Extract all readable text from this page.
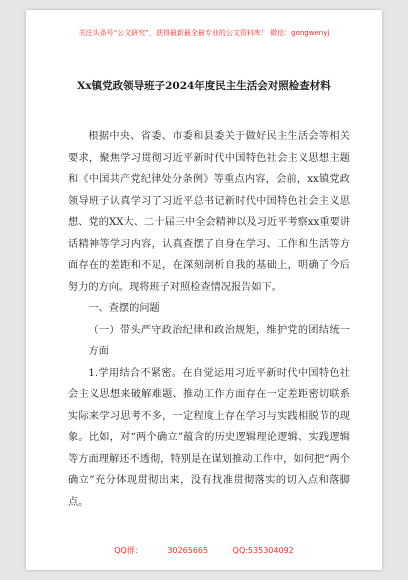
关注头条号“公文研究”，获得最新最全最专业的公文资料库！ 微信：gongwenyj
Xx镇党政领导班子2024年度民主生活会对照检查材料

根据中央、省委、市委和县委关于做好民主生活会等相关要求，聚焦学习贯彻习近平新时代中国特色社会主义思想主题和《中国共产党纪律处分条例》等重点内容，会前，xx镇党政领导班子认真学习了习近平总书记新时代中国特色社会主义思想、党的XX大、二十届三中全会精神以及习近平考察xx重要讲话精神等学习内容，认真查摆了自身在学习、工作和生活等方面存在的差距和不足，在深刻剖析自我的基础上，明确了今后努力的方向。现将班子对照检查情况报告如下。

一、查摆的问题

（一）带头严守政治纪律和政治规矩，维护党的团结统一方面

1.学用结合不紧密。在自觉运用习近平新时代中国特色社会主义思想来破解难题、推动工作方面存在一定差距密切联系实际来学习思考不多，一定程度上存在学习与实践相脱节的现象。比如，对“两个确立”蕴含的历史逻辑理论逻辑、实践逻辑等方面理解还不透彻，特别是在谋划推动工作中，如何把“两个确立”充分体现贯彻出来，没有找准贯彻落实的切入点和落脚点。

QQ群： 30265665 QQ:535304092
